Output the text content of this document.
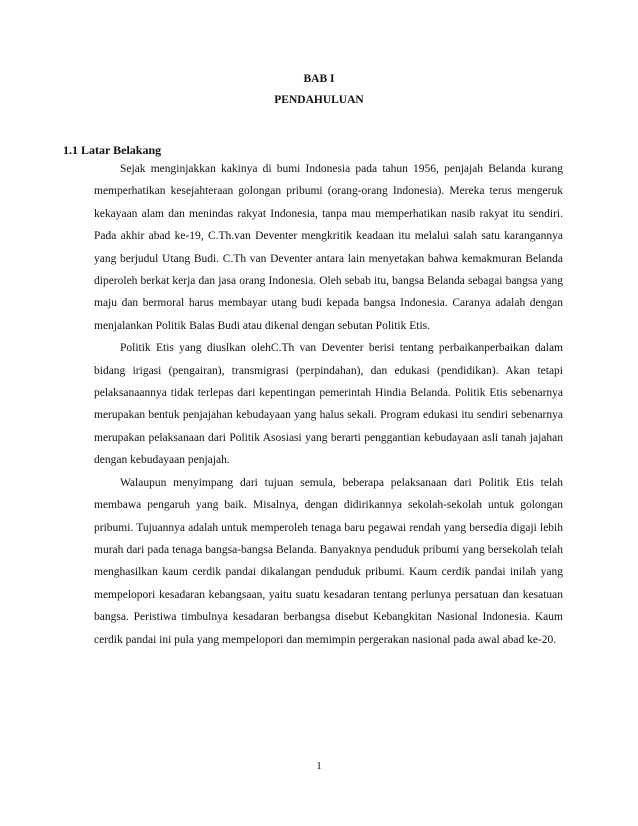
BAB I

PENDAHULUAN

1.1 Latar Belakang

Sejak menginjakkan kakinya di bumi Indonesia pada tahun 1956, penjajah Belanda kurang memperhatikan kesejahteraan golongan pribumi (orang-orang Indonesia). Mereka terus mengeruk kekayaan alam dan menindas rakyat Indonesia, tanpa mau memperhatikan nasib rakyat itu sendiri. Pada akhir abad ke-19, C.Th.van Deventer mengkritik keadaan itu melalui salah satu karangannya yang berjudul Utang Budi. C.Th van Deventer antara lain menyetakan bahwa kemakmuran Belanda diperoleh berkat kerja dan jasa orang Indonesia. Oleh sebab itu, bangsa Belanda sebagai bangsa yang maju dan bermoral harus membayar utang budi kepada bangsa Indonesia. Caranya adalah dengan menjalankan Politik Balas Budi atau dikenal dengan sebutan Politik Etis.

Politik Etis yang diuslkan olehC.Th van Deventer berisi tentang perbaikanperbaikan dalam bidang irigasi (pengairan), transmigrasi (perpindahan), dan edukasi (pendidikan). Akan tetapi pelaksanaannya tidak terlepas dari kepentingan pemerintah Hindia Belanda. Politik Etis sebenarnya merupakan bentuk penjajahan kebudayaan yang halus sekali. Program edukasi itu sendiri sebenarnya merupakan pelaksanaan dari Politik Asosiasi yang berarti penggantian kebudayaan asli tanah jajahan dengan kebudayaan penjajah.

Walaupun menyimpang dari tujuan semula, beberapa pelaksanaan dari Politik Etis telah membawa pengaruh yang baik. Misalnya, dengan didirikannya sekolah-sekolah untuk golongan pribumi. Tujuannya adalah untuk memperoleh tenaga baru pegawai rendah yang bersedia digaji lebih murah dari pada tenaga bangsa-bangsa Belanda. Banyaknya penduduk pribumi yang bersekolah telah menghasilkan kaum cerdik pandai dikalangan penduduk pribumi. Kaum cerdik pandai inilah yang mempelopori kesadaran kebangsaan, yaitu suatu kesadaran tentang perlunya persatuan dan kesatuan bangsa. Peristiwa timbulnya kesadaran berbangsa disebut Kebangkitan Nasional Indonesia. Kaum cerdik pandai ini pula yang mempelopori dan memimpin pergerakan nasional pada awal abad ke-20.

1
